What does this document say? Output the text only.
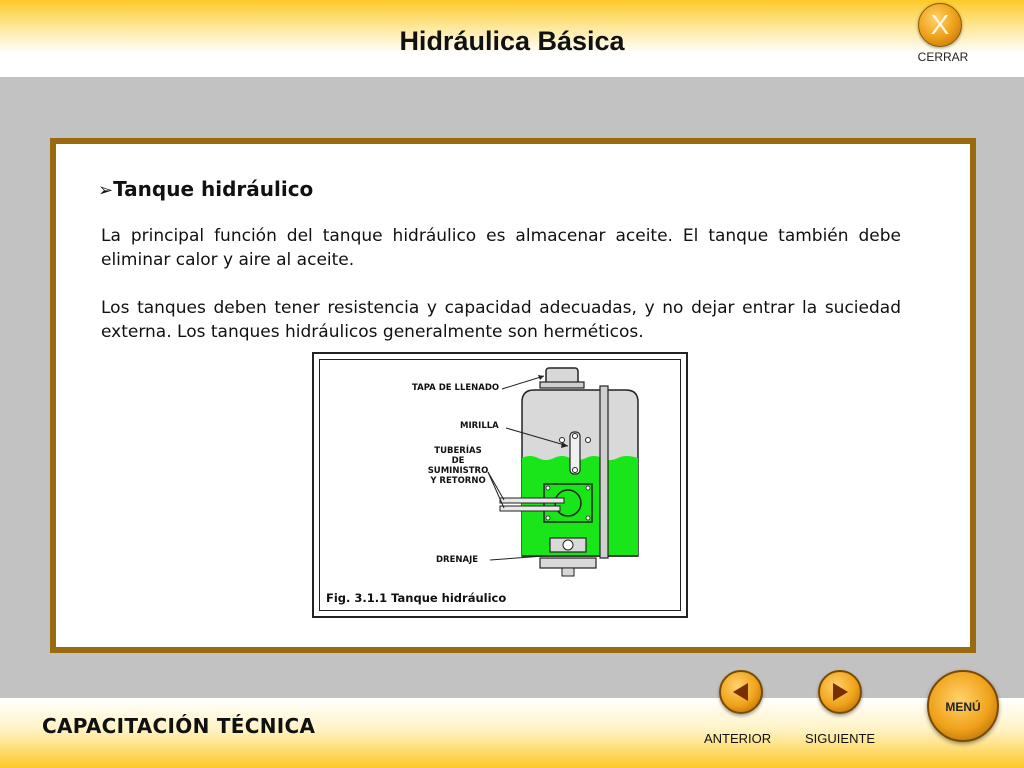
Hidráulica Básica
X
CERRAR
➢Tanque hidráulico
La principal función del tanque hidráulico es almacenar aceite. El tanque también debe eliminar calor y aire al aceite.
Los tanques deben tener resistencia y capacidad adecuadas, y no dejar entrar la suciedad externa. Los tanques hidráulicos generalmente son herméticos.
TAPA DE LLENADO
MIRILLA
TUBERÍAS
DE SUMINISTRO
Y RETORNO
DRENAJE
Fig. 3.1.1 Tanque hidráulico
CAPACITACIÓN TÉCNICA
ANTERIOR	SIGUIENTE
MENÚ
